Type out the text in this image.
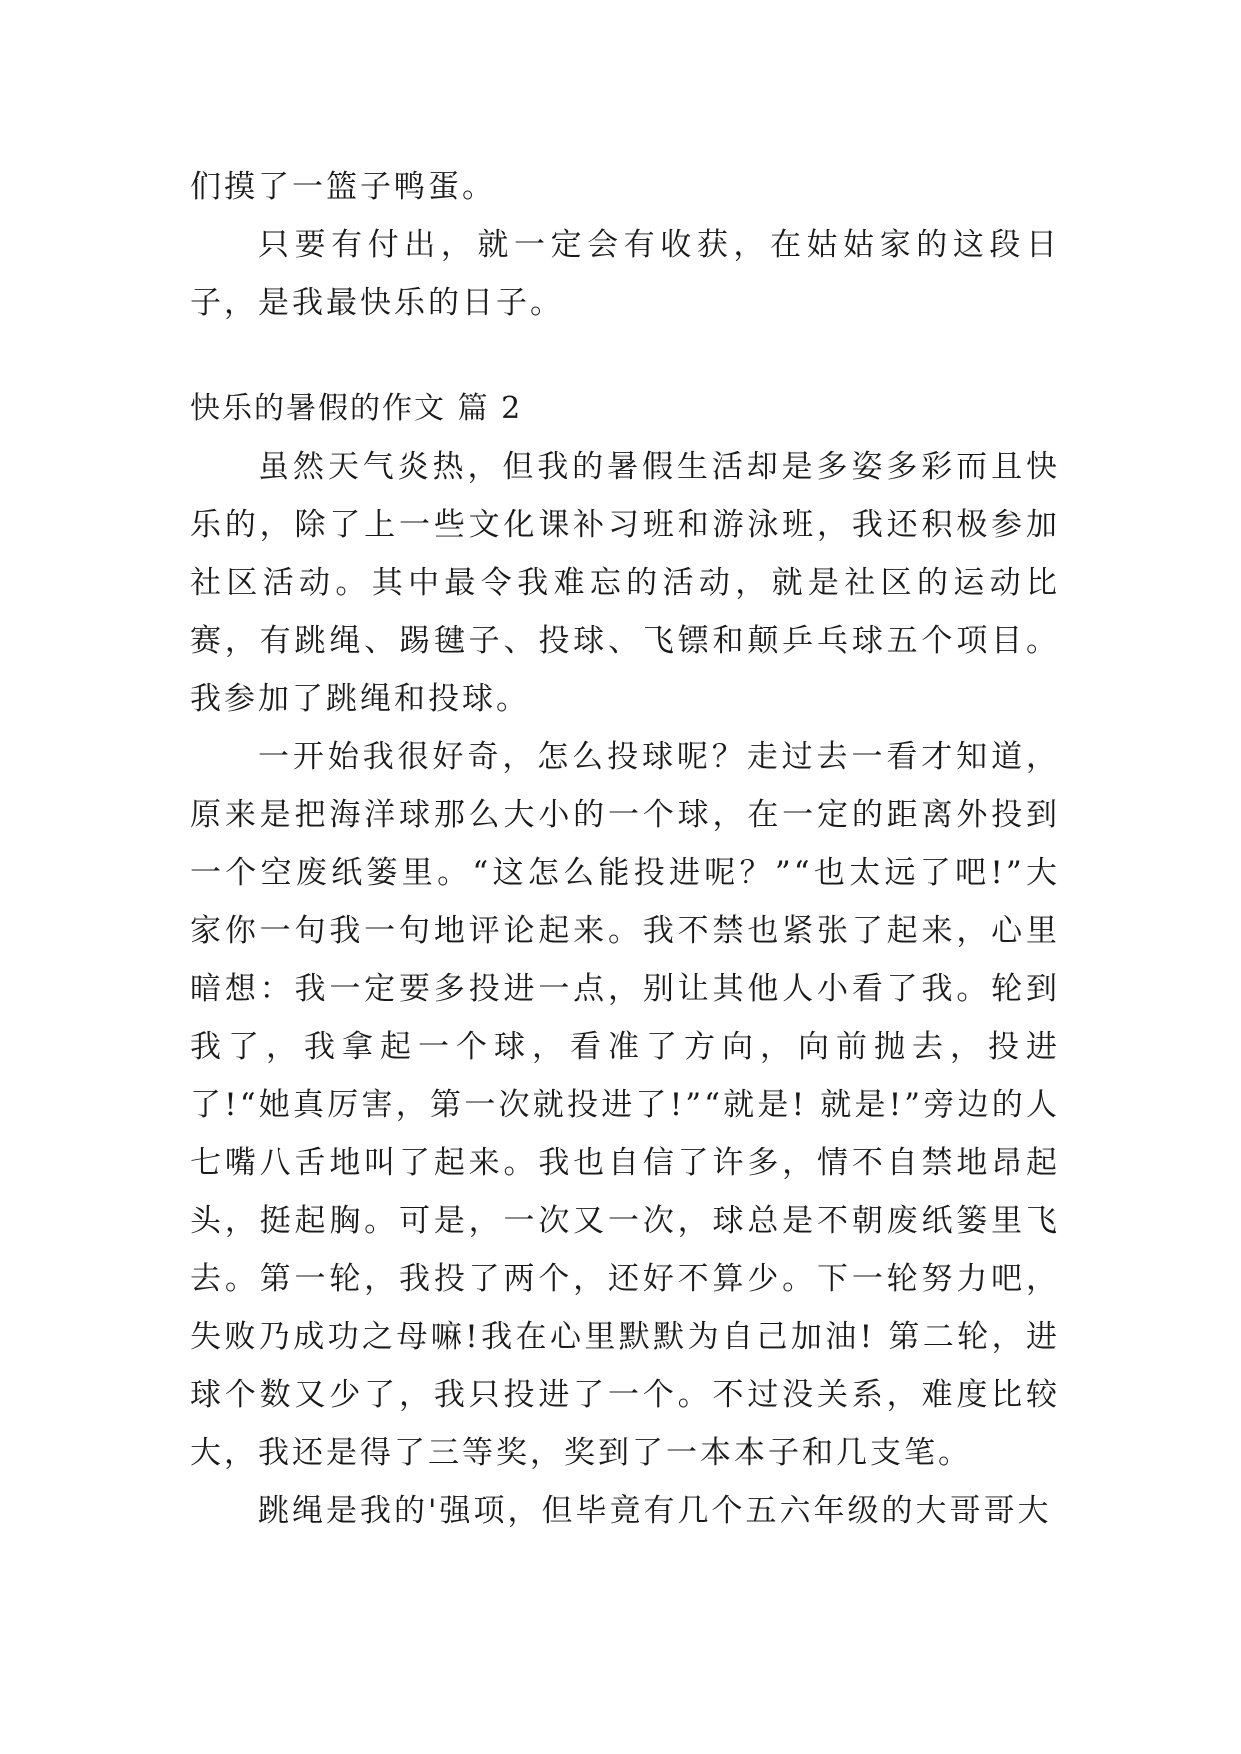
们摸了一篮子鸭蛋。

只要有付出，就一定会有收获，在姑姑家的这段日子，是我最快乐的日子。

快乐的暑假的作文 篇 2

虽然天气炎热，但我的暑假生活却是多姿多彩而且快乐的，除了上一些文化课补习班和游泳班，我还积极参加社区活动。其中最令我难忘的活动，就是社区的运动比赛，有跳绳、踢毽子、投球、飞镖和颠乒乓球五个项目。我参加了跳绳和投球。

一开始我很好奇，怎么投球呢？走过去一看才知道，原来是把海洋球那么大小的一个球，在一定的距离外投到一个空废纸篓里。“这怎么能投进呢？”“也太远了吧!”大家你一句我一句地评论起来。我不禁也紧张了起来，心里暗想：我一定要多投进一点，别让其他人小看了我。轮到我了，我拿起一个球，看准了方向，向前抛去，投进了!“她真厉害，第一次就投进了!”“就是! 就是!”旁边的人七嘴八舌地叫了起来。我也自信了许多，情不自禁地昂起头，挺起胸。可是，一次又一次，球总是不朝废纸篓里飞去。第一轮，我投了两个，还好不算少。下一轮努力吧，失败乃成功之母嘛!我在心里默默为自己加油! 第二轮，进球个数又少了，我只投进了一个。不过没关系，难度比较大，我还是得了三等奖，奖到了一本本子和几支笔。

跳绳是我的'强项，但毕竟有几个五六年级的大哥哥大
